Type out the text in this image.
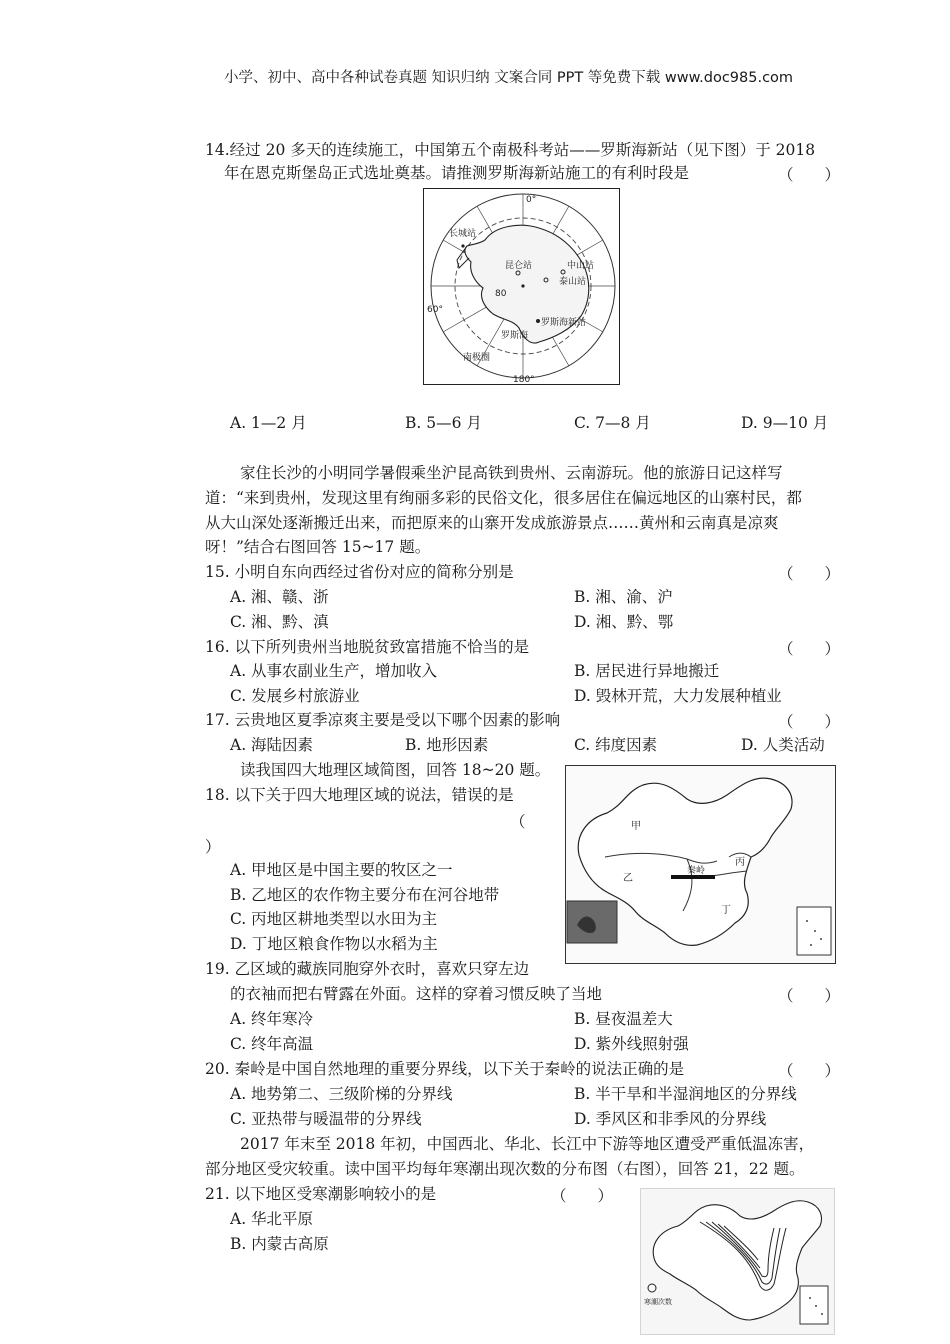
小学、初中、高中各种试卷真题 知识归纳 文案合同 PPT 等免费下载 www.doc985.com
14.经过 20 多天的连续施工，中国第五个南极科考站——罗斯海新站（见下图）于 2018
年在恩克斯堡岛正式选址奠基。请推测罗斯海新站施工的有利时段是	（　　）
长城站
昆仑站	中山站
泰山站
罗斯海新站
罗斯海
南极圈
80
60°
180°
0°
A. 1—2 月	B. 5—6 月	C. 7—8 月	D. 9—10 月
家住长沙的小明同学暑假乘坐沪昆高铁到贵州、云南游玩。他的旅游日记这样写
道：“来到贵州，发现这里有绚丽多彩的民俗文化，很多居住在偏远地区的山寨村民，都
从大山深处逐渐搬迁出来，而把原来的山寨开发成旅游景点……黄州和云南真是凉爽
呀！”结合右图回答 15~17 题。
15. 小明自东向西经过省份对应的简称分别是	（　　）
A. 湘、赣、浙	B. 湘、渝、沪
C. 湘、黔、滇	D. 湘、黔、鄂
16. 以下所列贵州当地脱贫致富措施不恰当的是	（　　）
A. 从事农副业生产，增加收入	B. 居民进行异地搬迁
C. 发展乡村旅游业	D. 毁林开荒，大力发展种植业
17. 云贵地区夏季凉爽主要是受以下哪个因素的影响	（　　）
A. 海陆因素	B. 地形因素	C. 纬度因素	D. 人类活动
读我国四大地理区域简图，回答 18~20 题。
甲
乙
丙
丁
秦岭
18. 以下关于四大地理区域的说法，错误的是
（
）
A. 甲地区是中国主要的牧区之一
B. 乙地区的农作物主要分布在河谷地带
C. 丙地区耕地类型以水田为主
D. 丁地区粮食作物以水稻为主
19. 乙区域的藏族同胞穿外衣时，喜欢只穿左边
的衣袖而把右臂露在外面。这样的穿着习惯反映了当地	（　　）
A. 终年寒冷	B. 昼夜温差大
C. 终年高温	D. 紫外线照射强
20. 秦岭是中国自然地理的重要分界线，以下关于秦岭的说法正确的是	（　　）
A. 地势第二、三级阶梯的分界线	B. 半干旱和半湿润地区的分界线
C. 亚热带与暖温带的分界线	D. 季风区和非季风的分界线
2017 年末至 2018 年初，中国西北、华北、长江中下游等地区遭受严重低温冻害，
部分地区受灾较重。读中国平均每年寒潮出现次数的分布图（右图），回答 21，22 题。
21. 以下地区受寒潮影响较小的是	（　　）
A. 华北平原
B. 内蒙古高原
寒潮次数
